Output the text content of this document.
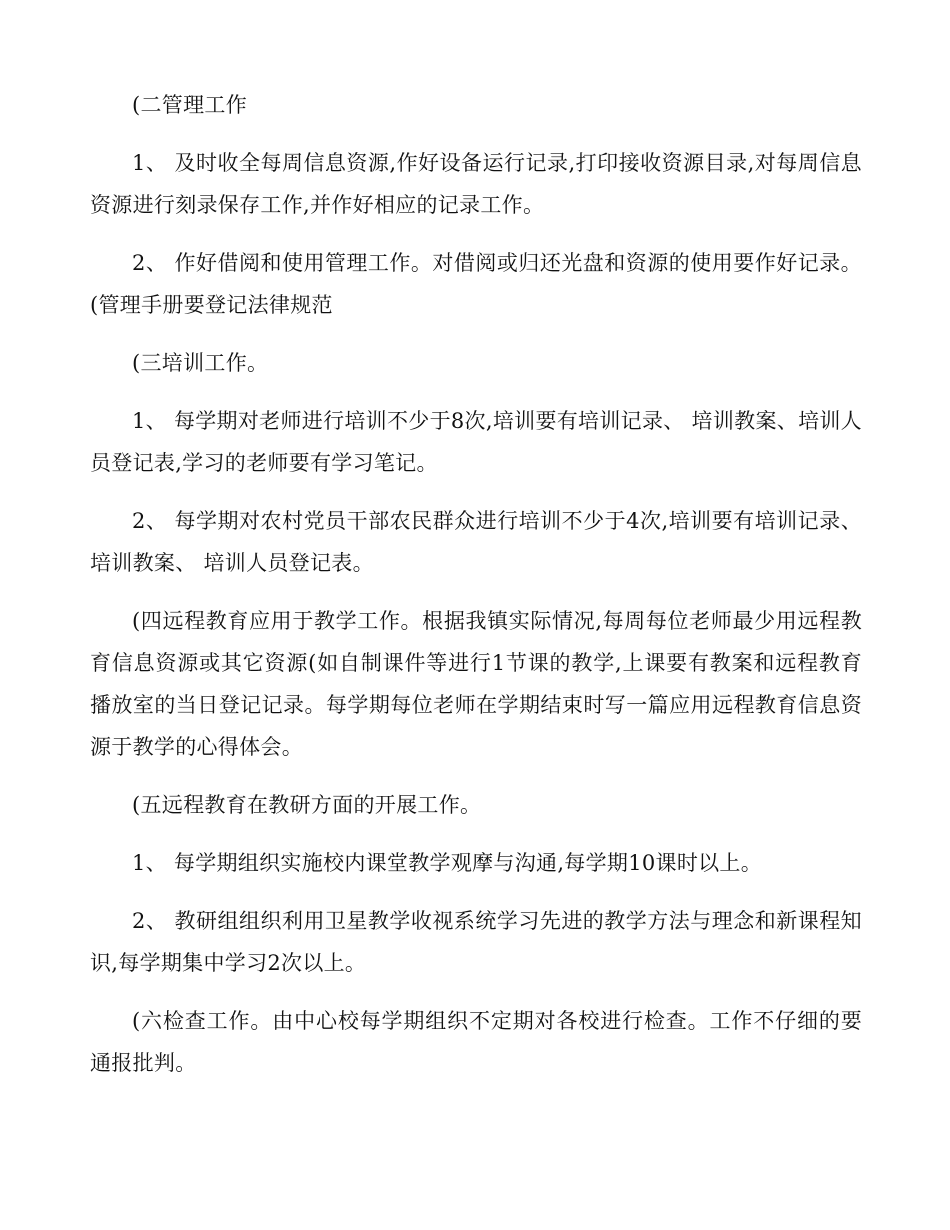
(二管理工作

1、 及时收全每周信息资源,作好设备运行记录,打印接收资源目录,对每周信息资源进行刻录保存工作,并作好相应的记录工作。

2、 作好借阅和使用管理工作。对借阅或归还光盘和资源的使用要作好记录。(管理手册要登记法律规范

(三培训工作。

1、 每学期对老师进行培训不少于8次,培训要有培训记录、 培训教案、培训人员登记表,学习的老师要有学习笔记。

2、 每学期对农村党员干部农民群众进行培训不少于4次,培训要有培训记录、 培训教案、 培训人员登记表。

(四远程教育应用于教学工作。根据我镇实际情况,每周每位老师最少用远程教育信息资源或其它资源(如自制课件等进行1节课的教学,上课要有教案和远程教育播放室的当日登记记录。每学期每位老师在学期结束时写一篇应用远程教育信息资源于教学的心得体会。

(五远程教育在教研方面的开展工作。

1、 每学期组织实施校内课堂教学观摩与沟通,每学期10课时以上。

2、 教研组组织利用卫星教学收视系统学习先进的教学方法与理念和新课程知识,每学期集中学习2次以上。

(六检查工作。由中心校每学期组织不定期对各校进行检查。工作不仔细的要通报批判。
